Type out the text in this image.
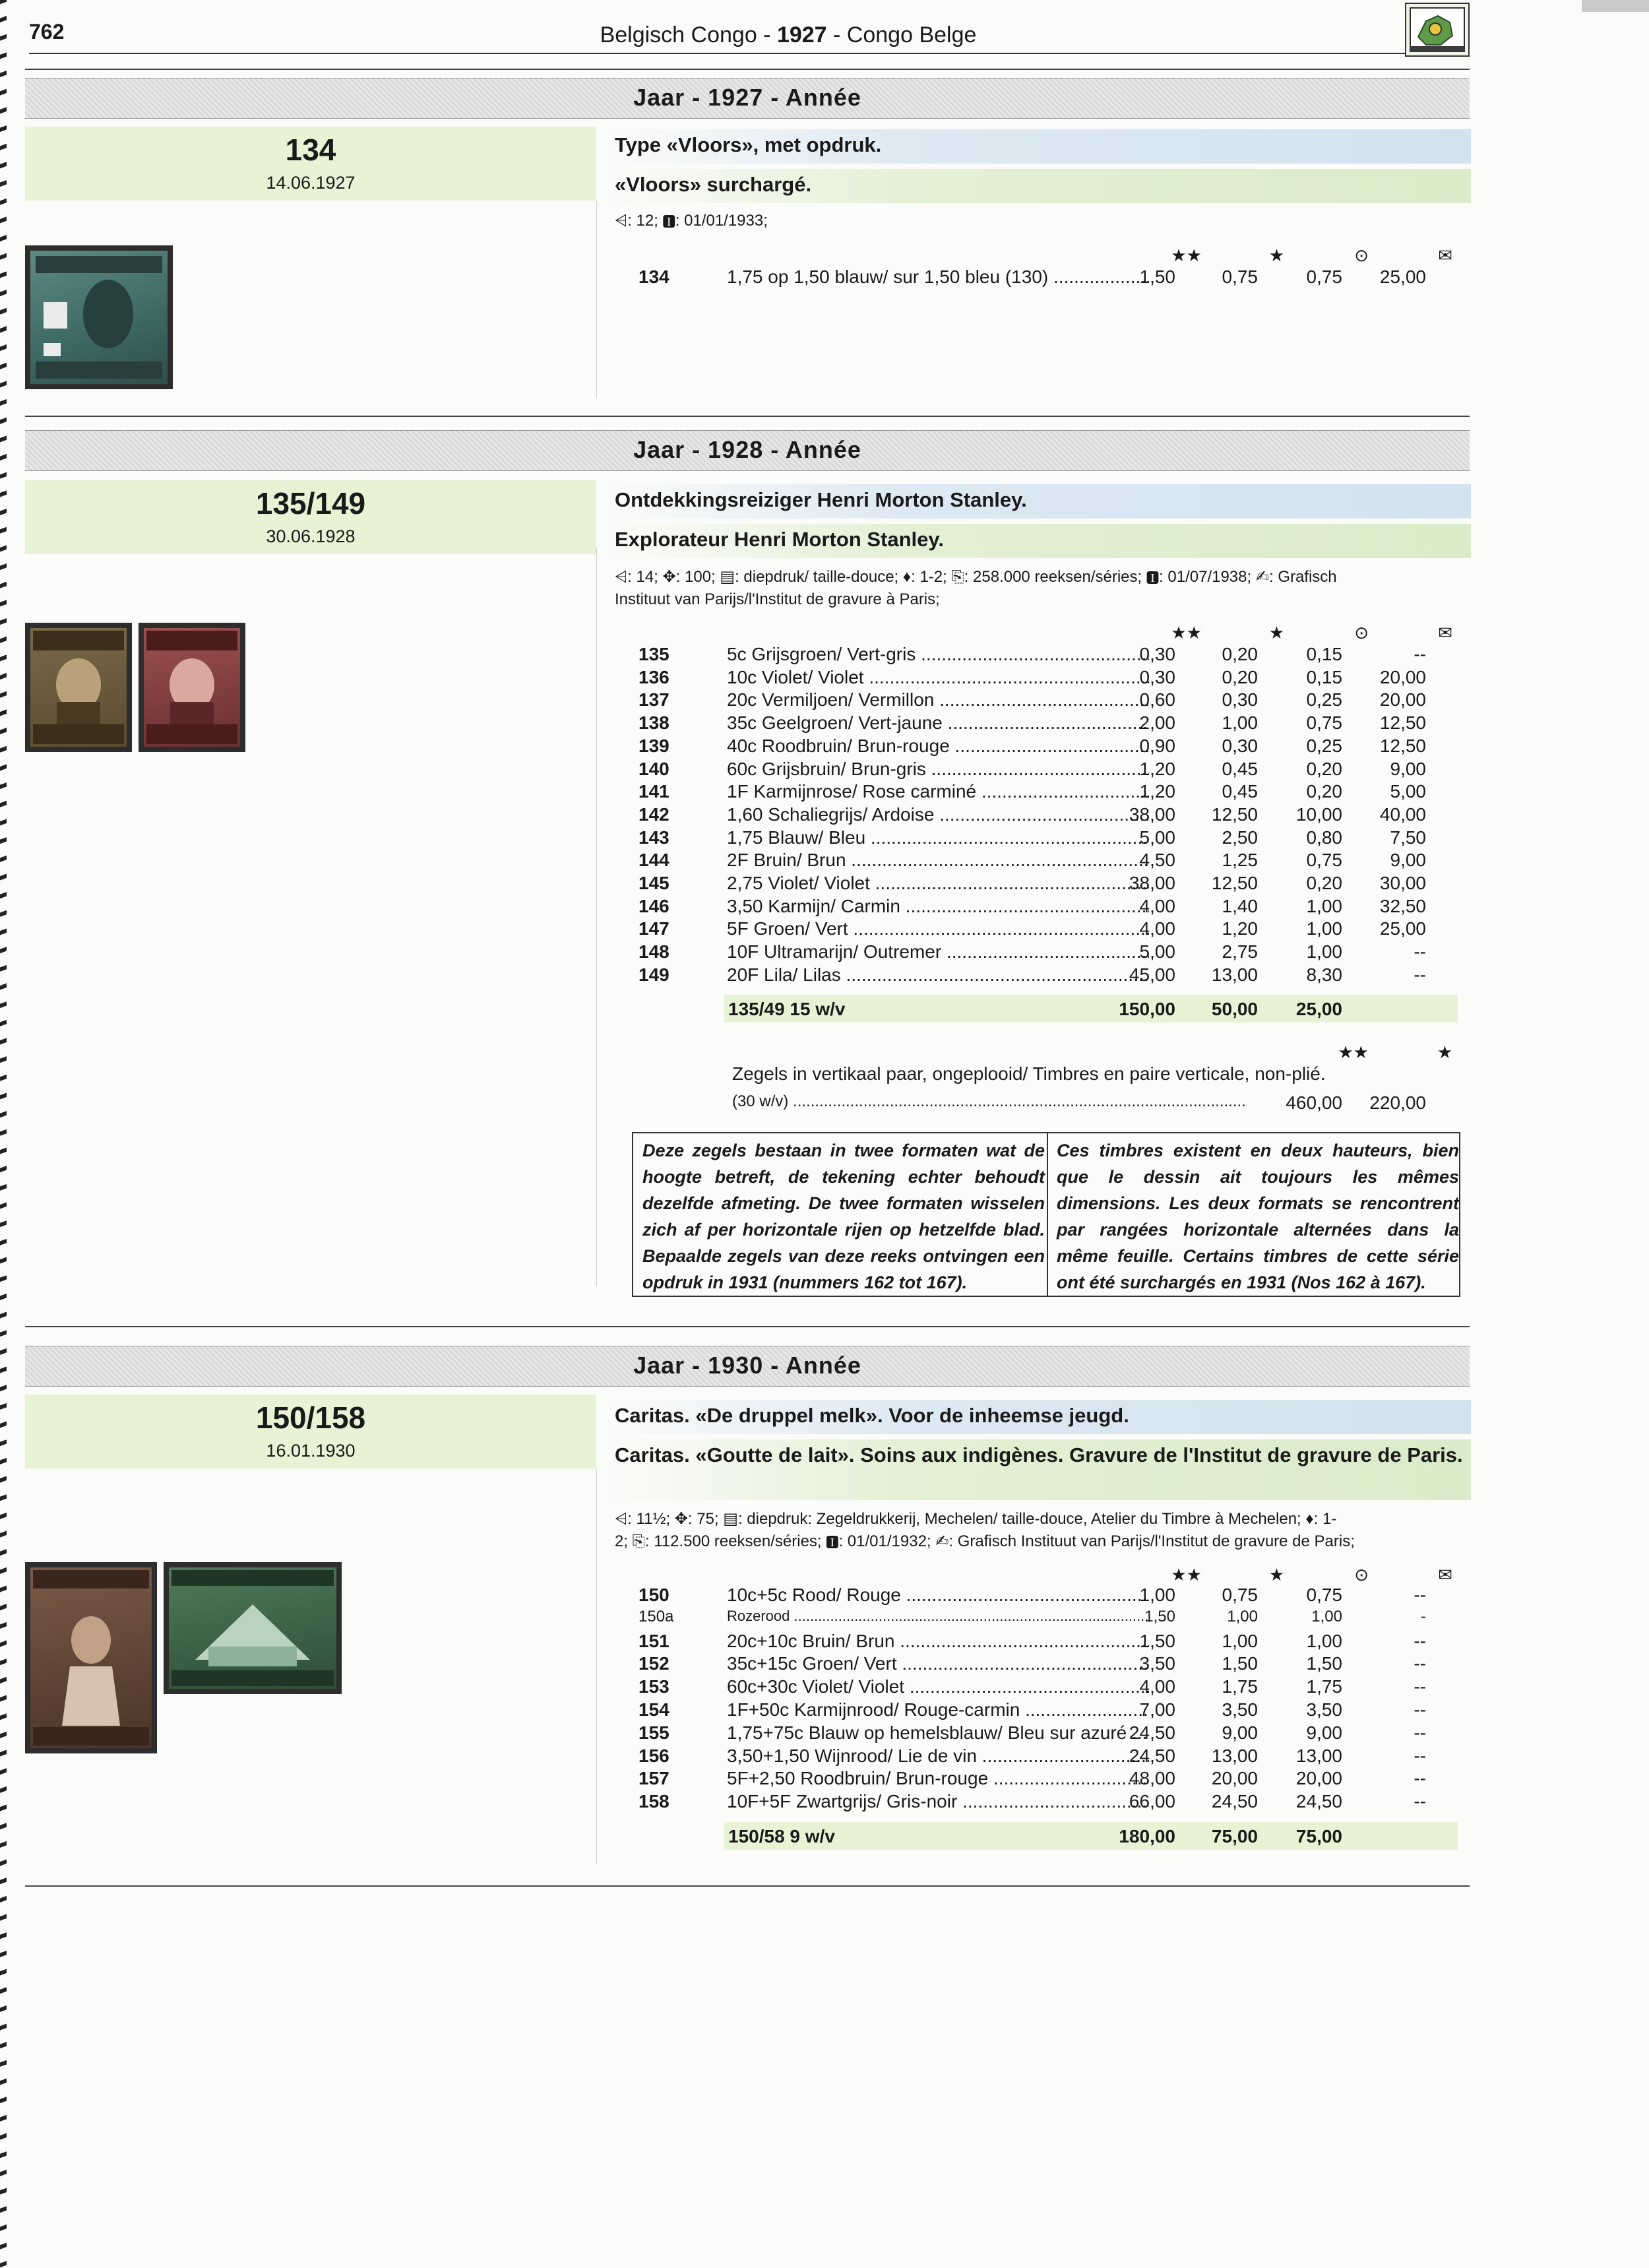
762	Belgisch Congo - 1927 - Congo Belge
Jaar - 1927 - Année
134
14.06.1927
Type «Vloors», met opdruk.
«Vloors» surchargé.
⩤: 12; 🅸: 01/01/1933;
★★	★	⊙	✉
134	1,75 op 1,50 blauw/ sur 1,50 bleu (130) .....	1,50	0,75	0,75	25,00
Jaar - 1928 - Année
135/149
30.06.1928
Ontdekkingsreiziger Henri Morton Stanley.
Explorateur Henri Morton Stanley.
⩤: 14; ✥: 100; ▤: diepdruk/ taille-douce; ♦: 1-2; ⎘: 258.000 reeksen/séries; 🅸: 01/07/1938; ✍: Grafisch
Instituut van Parijs/l'Institut de gravure à Paris;
★★	★	⊙	✉
135	5c Grijsgroen/ Vert-gris .....	0,30	0,20	0,15	--
136	10c Violet/ Violet .....	0,30	0,20	0,15	20,00
137	20c Vermiljoen/ Vermillon .....	0,60	0,30	0,25	20,00
138	35c Geelgroen/ Vert-jaune .....	2,00	1,00	0,75	12,50
139	40c Roodbruin/ Brun-rouge .....	0,90	0,30	0,25	12,50
140	60c Grijsbruin/ Brun-gris .....	1,20	0,45	0,20	9,00
141	1F Karmijnrose/ Rose carminé .....	1,20	0,45	0,20	5,00
142	1,60 Schaliegrijs/ Ardoise .....	38,00	12,50	10,00	40,00
143	1,75 Blauw/ Bleu .....	5,00	2,50	0,80	7,50
144	2F Bruin/ Brun .....	4,50	1,25	0,75	9,00
145	2,75 Violet/ Violet .....	38,00	12,50	0,20	30,00
146	3,50 Karmijn/ Carmin .....	4,00	1,40	1,00	32,50
147	5F Groen/ Vert .....	4,00	1,20	1,00	25,00
148	10F Ultramarijn/ Outremer .....	5,00	2,75	1,00	--
149	20F Lila/ Lilas .....	45,00	13,00	8,30	--
135/49 15 w/v	150,00	50,00	25,00
★★	★
Zegels in vertikaal paar, ongeplooid/ Timbres en paire verticale, non-plié.
(30 w/v) .....	460,00	220,00
Deze zegels bestaan in twee formaten wat de hoogte betreft, de tekening echter behoudt dezelfde afmeting. De twee formaten wisselen zich af per horizontale rijen op hetzelfde blad. Bepaalde zegels van deze reeks ontvingen een opdruk in 1931 (nummers 162 tot 167).
Ces timbres existent en deux hauteurs, bien que le dessin ait toujours les mêmes dimensions. Les deux formats se rencontrent par rangées horizontale alternées dans la même feuille. Certains timbres de cette série ont été surchargés en 1931 (Nos 162 à 167).
Jaar - 1930 - Année
150/158
16.01.1930
Caritas. «De druppel melk». Voor de inheemse jeugd.
Caritas. «Goutte de lait». Soins aux indigènes. Gravure de l'Institut de gravure de Paris.
⩤: 11½; ✥: 75; ▤: diepdruk: Zegeldrukkerij, Mechelen/ taille-douce, Atelier du Timbre à Mechelen; ♦: 1-
2; ⎘: 112.500 reeksen/séries; 🅸: 01/01/1932; ✍: Grafisch Instituut van Parijs/l'Institut de gravure de Paris;
★★	★	⊙	✉
150	10c+5c Rood/ Rouge .....	1,00	0,75	0,75	--
150a	Rozerood .....	1,50	1,00	1,00	-
151	20c+10c Bruin/ Brun .....	1,50	1,00	1,00	--
152	35c+15c Groen/ Vert .....	3,50	1,50	1,50	--
153	60c+30c Violet/ Violet .....	4,00	1,75	1,75	--
154	1F+50c Karmijnrood/ Rouge-carmin .....	7,00	3,50	3,50	--
155	1,75+75c Blauw op hemelsblauw/ Bleu sur azuré ..... 24,50	9,00	9,00	--
156	3,50+1,50 Wijnrood/ Lie de vin .....	24,50	13,00	13,00	--
157	5F+2,50 Roodbruin/ Brun-rouge .....	48,00	20,00	20,00	--
158	10F+5F Zwartgrijs/ Gris-noir .....	66,00	24,50	24,50	--
150/58 9 w/v	180,00	75,00	75,00
